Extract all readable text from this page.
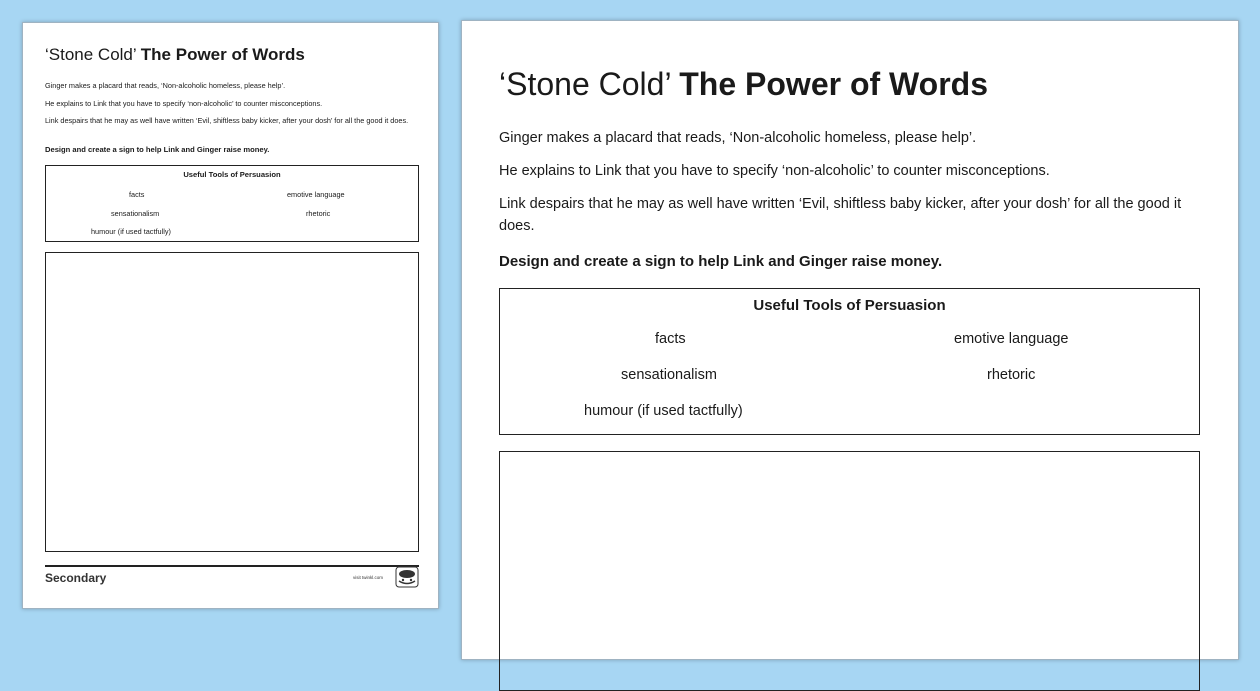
‘Stone Cold’ The Power of Words
Ginger makes a placard that reads, ‘Non-alcoholic homeless, please help’.
He explains to Link that you have to specify ‘non-alcoholic’ to counter misconceptions.
Link despairs that he may as well have written ‘Evil, shiftless baby kicker, after your dosh’ for all the good it does.
Design and create a sign to help Link and Ginger raise money.
Useful Tools of Persuasion
facts	emotive language
sensationalism	rhetoric
humour (if used tactfully)
Secondary	visit twinkl.com
‘Stone Cold’ The Power of Words
Ginger makes a placard that reads, ‘Non-alcoholic homeless, please help’.
He explains to Link that you have to specify ‘non-alcoholic’ to counter misconceptions.
Link despairs that he may as well have written ‘Evil, shiftless baby kicker, after your dosh’ for all the good it does.
Design and create a sign to help Link and Ginger raise money.
Useful Tools of Persuasion
facts	emotive language
sensationalism	rhetoric
humour (if used tactfully)
